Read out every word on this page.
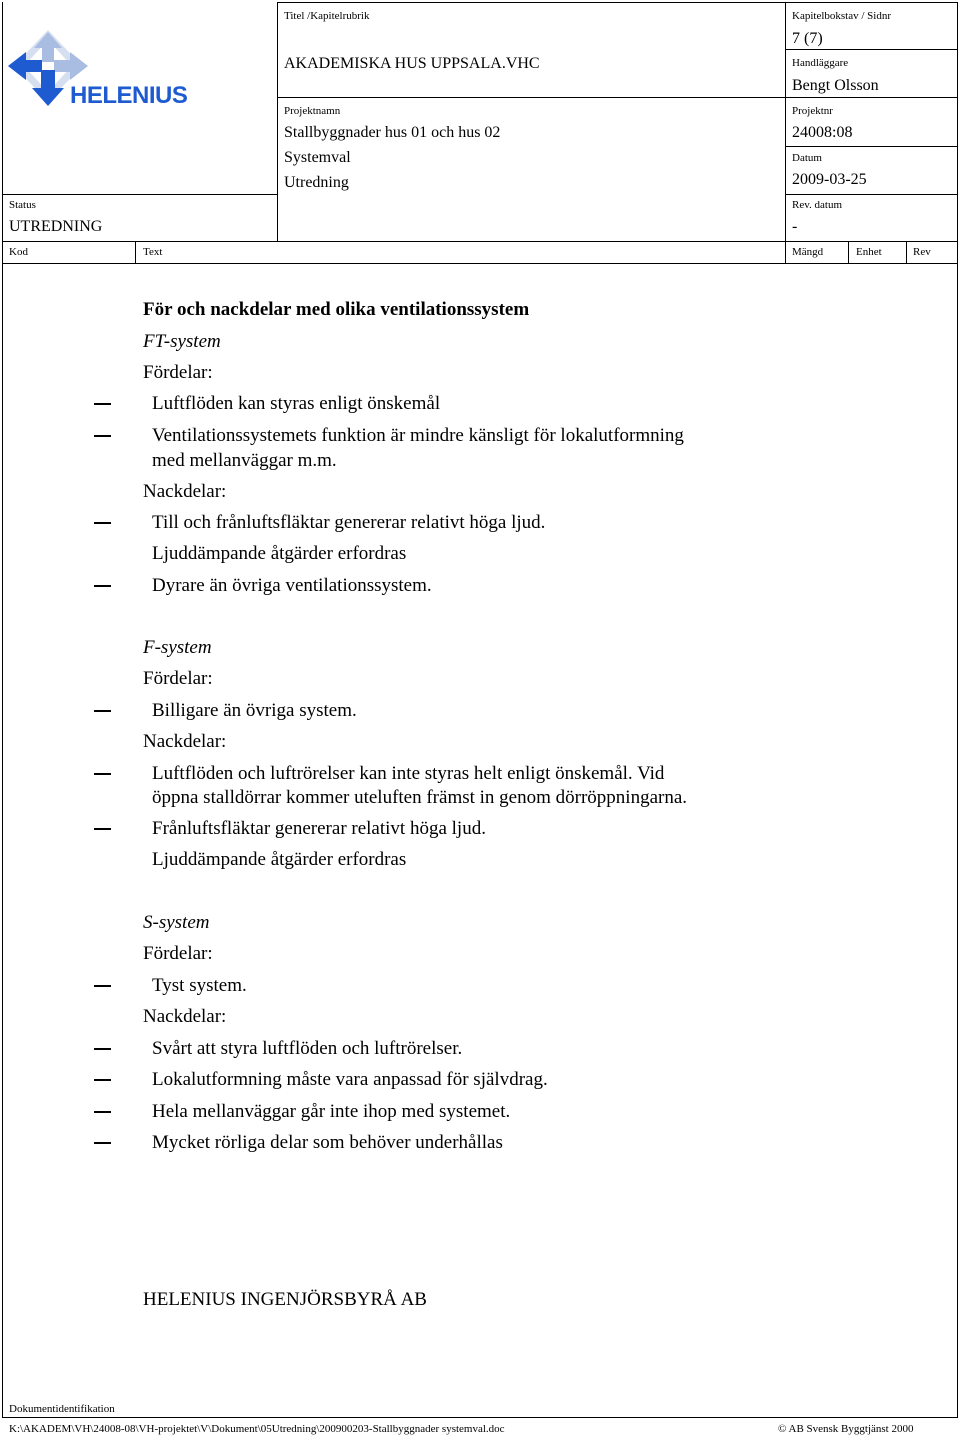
HELENIUS
Titel /Kapitelrubrik
AKADEMISKA HUS UPPSALA.VHC
Kapitelbokstav / Sidnr
7 (7)
Handläggare
Bengt Olsson
Projektnamn
Stallbyggnader hus 01 och hus 02
Systemval
Utredning
Projektnr
24008:08
Datum
2009-03-25
Status
UTREDNING
Rev. datum
-
Kod	Text	Mängd	Enhet	Rev
För och nackdelar med olika ventilationssystem
FT-system
Fördelar:
Luftflöden kan styras enligt önskemål
Ventilationssystemets funktion är mindre känsligt för lokalutformning
med mellanväggar m.m.
Nackdelar:
Till och frånluftsfläktar genererar relativt höga ljud.
Ljuddämpande åtgärder erfordras
Dyrare än övriga ventilationssystem.
F-system
Fördelar:
Billigare än övriga system.
Nackdelar:
Luftflöden och luftrörelser kan inte styras helt enligt önskemål. Vid
öppna stalldörrar kommer uteluften främst in genom dörröppningarna.
Frånluftsfläktar genererar relativt höga ljud.
Ljuddämpande åtgärder erfordras
S-system
Fördelar:
Tyst system.
Nackdelar:
Svårt att styra luftflöden och luftrörelser.
Lokalutformning måste vara anpassad för självdrag.
Hela mellanväggar går inte ihop med systemet.
Mycket rörliga delar som behöver underhållas
HELENIUS INGENJÖRSBYRÅ AB
Dokumentidentifikation
K:\AKADEM\VH\24008-08\VH-projektet\V\Dokument\05Utredning\200900203-Stallbyggnader systemval.doc	© AB Svensk Byggtjänst 2000
